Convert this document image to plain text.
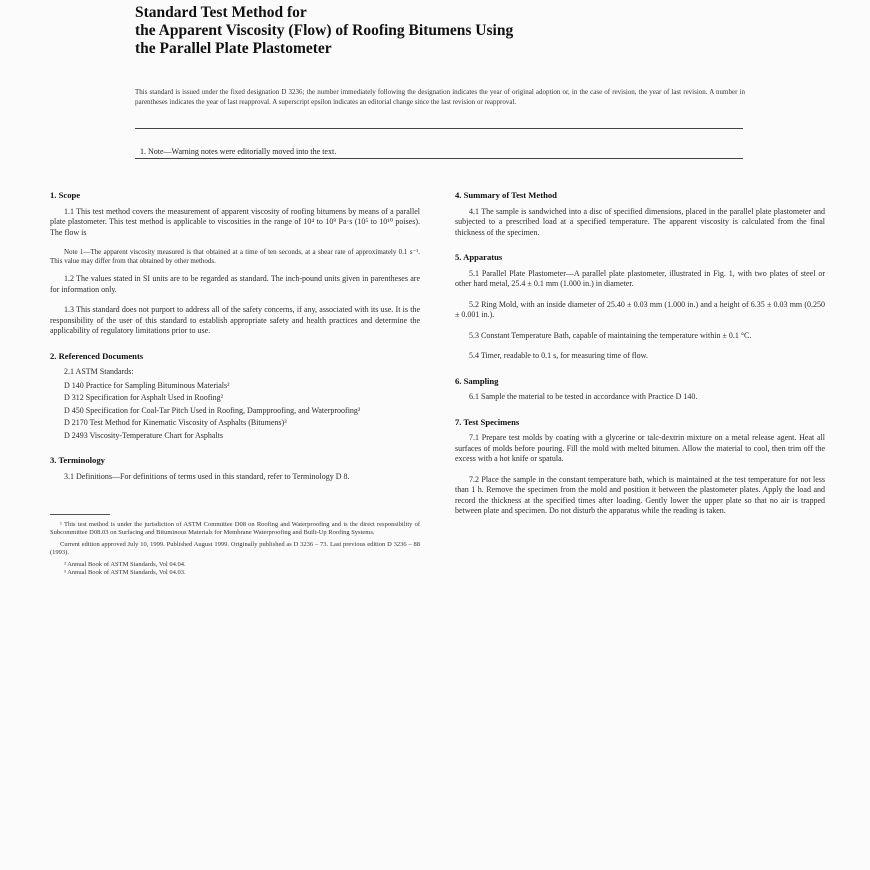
Standard Test Method for
the Apparent Viscosity (Flow) of Roofing Bitumens Using
the Parallel Plate Plastometer
This standard is issued under the fixed designation D 3236; the number immediately following the designation indicates the year of original adoption or, in the case of revision, the year of last revision. A number in parentheses indicates the year of last reapproval. A superscript epsilon indicates an editorial change since the last revision or reapproval.
1. Note—Warning notes were editorially moved into the text.
1. Scope
1.1 This test method covers the measurement of apparent viscosity of roofing bitumens by means of a parallel plate plastometer. This test method is applicable to viscosities in the range of 10⁴ to 10⁹ Pa·s (10⁵ to 10¹⁰ poises). The flow is
Note 1—The apparent viscosity measured is that obtained at a time of ten seconds, at a shear rate of approximately 0.1 s⁻¹. This value may differ from that obtained by other methods.
1.2 The values stated in SI units are to be regarded as standard. The inch-pound units given in parentheses are for information only.
1.3 This standard does not purport to address all of the safety concerns, if any, associated with its use. It is the responsibility of the user of this standard to establish appropriate safety and health practices and determine the applicability of regulatory limitations prior to use.
2. Referenced Documents
2.1 ASTM Standards:
D 140 Practice for Sampling Bituminous Materials²
D 312 Specification for Asphalt Used in Roofing²
D 450 Specification for Coal-Tar Pitch Used in Roofing, Dampproofing, and Waterproofing²
D 2170 Test Method for Kinematic Viscosity of Asphalts (Bitumens)³
D 2493 Viscosity-Temperature Chart for Asphalts
3. Terminology
3.1 Definitions—For definitions of terms used in this standard, refer to Terminology D 8.
¹ This test method is under the jurisdiction of ASTM Committee D08 on Roofing and Waterproofing and is the direct responsibility of Subcommittee D08.03 on Surfacing and Bituminous Materials for Membrane Waterproofing and Built-Up Roofing Systems.
Current edition approved July 10, 1999. Published August 1999. Originally published as D 3236 – 73. Last previous edition D 3236 – 88 (1993).
² Annual Book of ASTM Standards, Vol 04.04.
³ Annual Book of ASTM Standards, Vol 04.03.
4. Summary of Test Method
4.1 The sample is sandwiched into a disc of specified dimensions, placed in the parallel plate plastometer and subjected to a prescribed load at a specified temperature. The apparent viscosity is calculated from the final thickness of the specimen.
5. Apparatus
5.1 Parallel Plate Plastometer—A parallel plate plastometer, illustrated in Fig. 1, with two plates of steel or other hard metal, 25.4 ± 0.1 mm (1.000 in.) in diameter.
5.2 Ring Mold, with an inside diameter of 25.40 ± 0.03 mm (1.000 in.) and a height of 6.35 ± 0.03 mm (0.250 ± 0.001 in.).
5.3 Constant Temperature Bath, capable of maintaining the temperature within ± 0.1 °C.
5.4 Timer, readable to 0.1 s, for measuring time of flow.
6. Sampling
6.1 Sample the material to be tested in accordance with Practice D 140.
7. Test Specimens
7.1 Prepare test molds by coating with a glycerine or talc-dextrin mixture on a metal release agent. Heat all surfaces of molds before pouring. Fill the mold with melted bitumen. Allow the material to cool, then trim off the excess with a hot knife or spatula.
7.2 Place the sample in the constant temperature bath, which is maintained at the test temperature for not less than 1 h. Remove the specimen from the mold and position it between the plastometer plates. Apply the load and record the thickness at the specified times after loading. Gently lower the upper plate so that no air is trapped between plate and specimen. Do not disturb the apparatus while the reading is taken.
